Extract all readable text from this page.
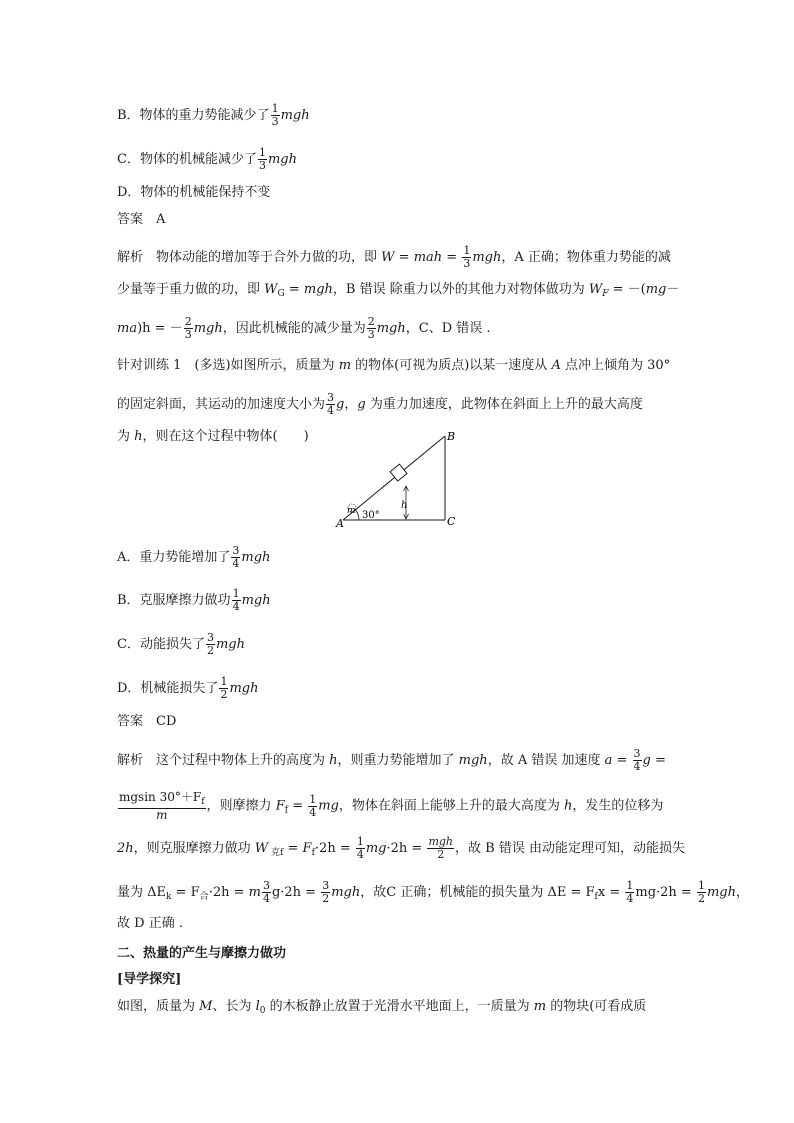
B．物体的重力势能减少了 $\frac{1}{3}$ mgh
C．物体的机械能减少了 $\frac{1}{3}$ mgh
D．物体的机械能保持不变
答案　A
解析　物体动能的增加等于合外力做的功，即 W = mah = $\frac{1}{3}$ mgh，A 正确；物体重力势能的减
少量等于重力做的功，即 $W_G$ = mgh，B 错误 除重力以外的其他力对物体做功为 $W_F = -(mg-$
ma)h = － $\frac{2}{3}$ mgh，因此机械能的减少量为 $\frac{2}{3}$ mgh，C、D 错误 .
针对训练 1　(多选)如图所示，质量为 m 的物体(可视为质点)以某一速度从 A 点冲上倾角为 30°
的固定斜面，其运动的加速度大小为 $\frac{3}{4}$ g，g 为重力加速度，此物体在斜面上上升的最大高度
为 h，则在这个过程中物体(　　)
m
A
B
C
h
30°
A．重力势能增加了 $\frac{3}{4}$ mgh
B．克服摩擦力做功 $\frac{1}{4}$ mgh
C．动能损失了 $\frac{3}{2}$ mgh
D．机械能损失了 $\frac{1}{2}$ mgh
答案　CD
解析　这个过程中物体上升的高度为 h，则重力势能增加了 mgh，故 A 错误 加速度 $a = \frac{3}{4}$ g =
$\frac{mgsin 30^\circ+F_f}{m}$ ，则摩擦力 $F_f = \frac{1}{4}$ mg，物体在斜面上能够上升的最大高度为 h，发生的位移为
2h，则克服摩擦力做功 W $_{克f} = F_f\cdot 2h = \frac{1}{4} mg\cdot 2h = \frac{\text{mgh}}{2}$ ，故 B 错误 由动能定理可知，动能损失
量为 $\Delta E_k = F_合\cdot 2h = m \frac{3}{4} g\cdot 2h = \frac{3}{2}$ mgh，故C 正确；机械能的损失量为 $\Delta E = F_fx = \frac{1}{4} mg\cdot 2h = \frac{1}{2}$ mgh，
故 D 正确 .
二、热量的产生与摩擦力做功
[导学探究]
如图，质量为 M、长为 $l_0$ 的木板静止放置于光滑水平地面上，一质量为 m 的物块(可看成质
